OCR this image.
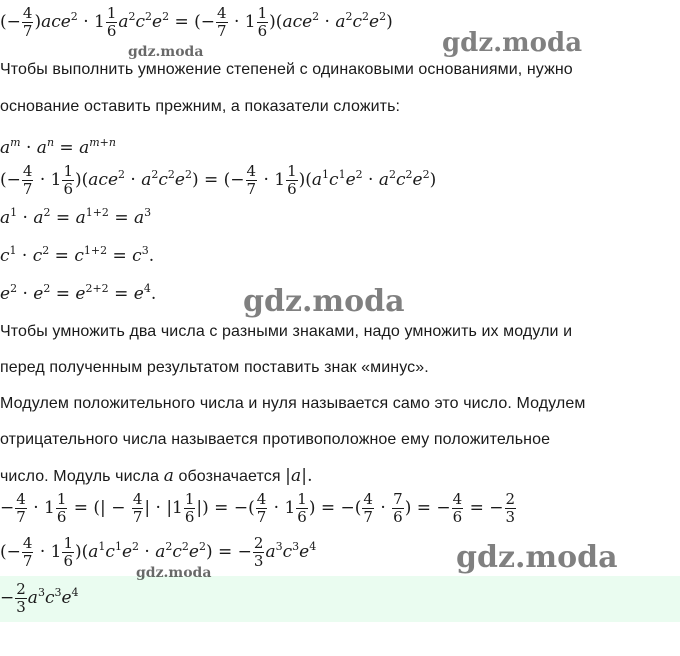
(− $\frac{4}{7} )ace^2 \cdot 1 \frac{1}{6} a^2c^2e^2$ = (− $\frac{4}{7} \cdot 1 \frac{1}{6} )(ace^2 \cdot a^2c^2e^2)$
gdz.moda
gdz.moda
Чтобы выполнить умножение степеней с одинаковыми основаниями, нужно
основание оставить прежним, а показатели сложить:
$a^m \cdot a^n = a^{m+n}$
(− $\frac{4}{7} \cdot 1 \frac{1}{6} )(ace^2 \cdot a^2c^2e^2)$ = (− $\frac{4}{7} \cdot 1 \frac{1}{6} )(a^1c^1e^2 \cdot a^2c^2e^2)$
$a^1 \cdot a^2 = a^{1+2} = a^3$
$c^1 \cdot c^2 = c^{1+2} = c^3$.
$e^2 \cdot e^2 = e^{2+2} = e^4$.	gdz.moda
Чтобы умножить два числа с разными знаками, надо умножить их модули и
перед полученным результатом поставить знак «минус».
Модулем положительного числа и нуля называется само это число. Модулем
отрицательного числа называется противоположное ему положительное
число. Модуль числа a обозначается |a|.
− $\frac{4}{7} \cdot 1 \frac{1}{6}$ = (| − $\frac{4}{7}$ | · $|1 \frac{1}{6}$ |) = −( $\frac{4}{7} \cdot 1 \frac{1}{6}$ ) = −( $\frac{4}{7} \cdot \frac{7}{6}$ ) = − $\frac{4}{6}$ = − $\frac{2}{3}$
(− $\frac{4}{7} \cdot 1 \frac{1}{6} )(a^1c^1e^2 \cdot a^2c^2e^2)$ = − $\frac{2}{3} a^3c^3e^4$	gdz.moda
gdz.moda
− $\frac{2}{3} a^3c^3e^4$
